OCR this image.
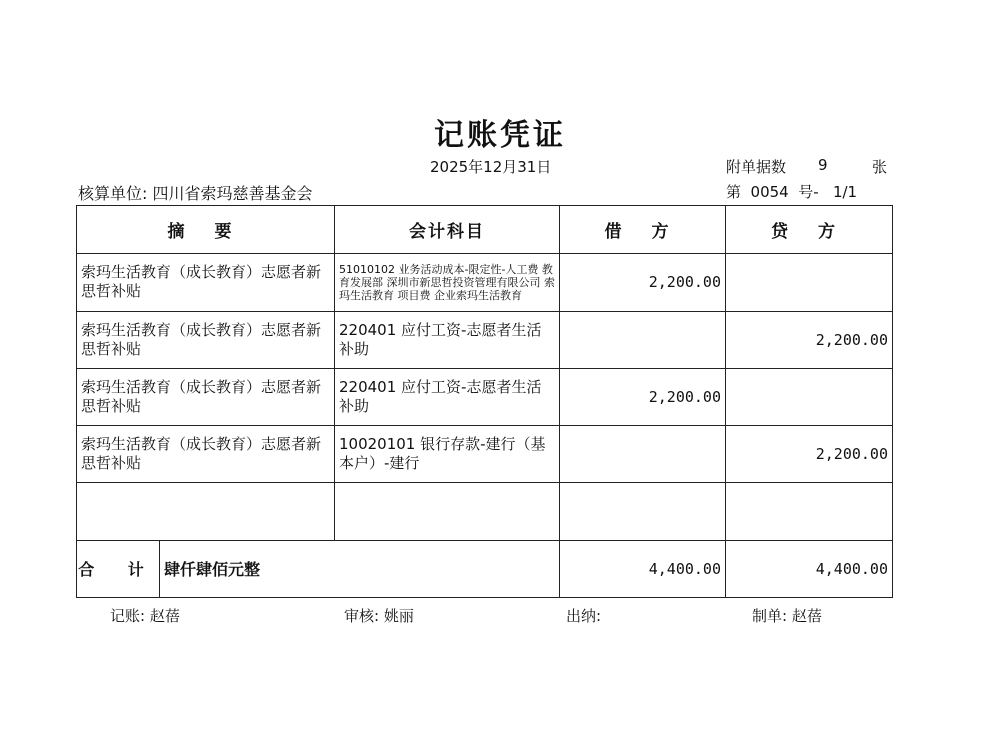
记账凭证
2025年12月31日	附单据数 9	张
核算单位: 四川省索玛慈善基金会	第  0054  号-   1/1
摘 要	会计科目	借 方	贷 方
索玛生活教育（成长教育）志愿者新思哲补贴	51010102 业务活动成本-限定性-人工费 教育发展部 深圳市新思哲投资管理有限公司 索玛生活教育 项目费 企业索玛生活教育	2,200.00	
索玛生活教育（成长教育）志愿者新思哲补贴	220401 应付工资-志愿者生活补助		2,200.00
索玛生活教育（成长教育）志愿者新思哲补贴	220401 应付工资-志愿者生活补助	2,200.00	
索玛生活教育（成长教育）志愿者新思哲补贴	10020101 银行存款-建行（基本户）-建行		2,200.00

合 计 肆仟肆佰元整		4,400.00	4,400.00
记账: 赵蓓	审核: 姚丽	出纳:	制单: 赵蓓
